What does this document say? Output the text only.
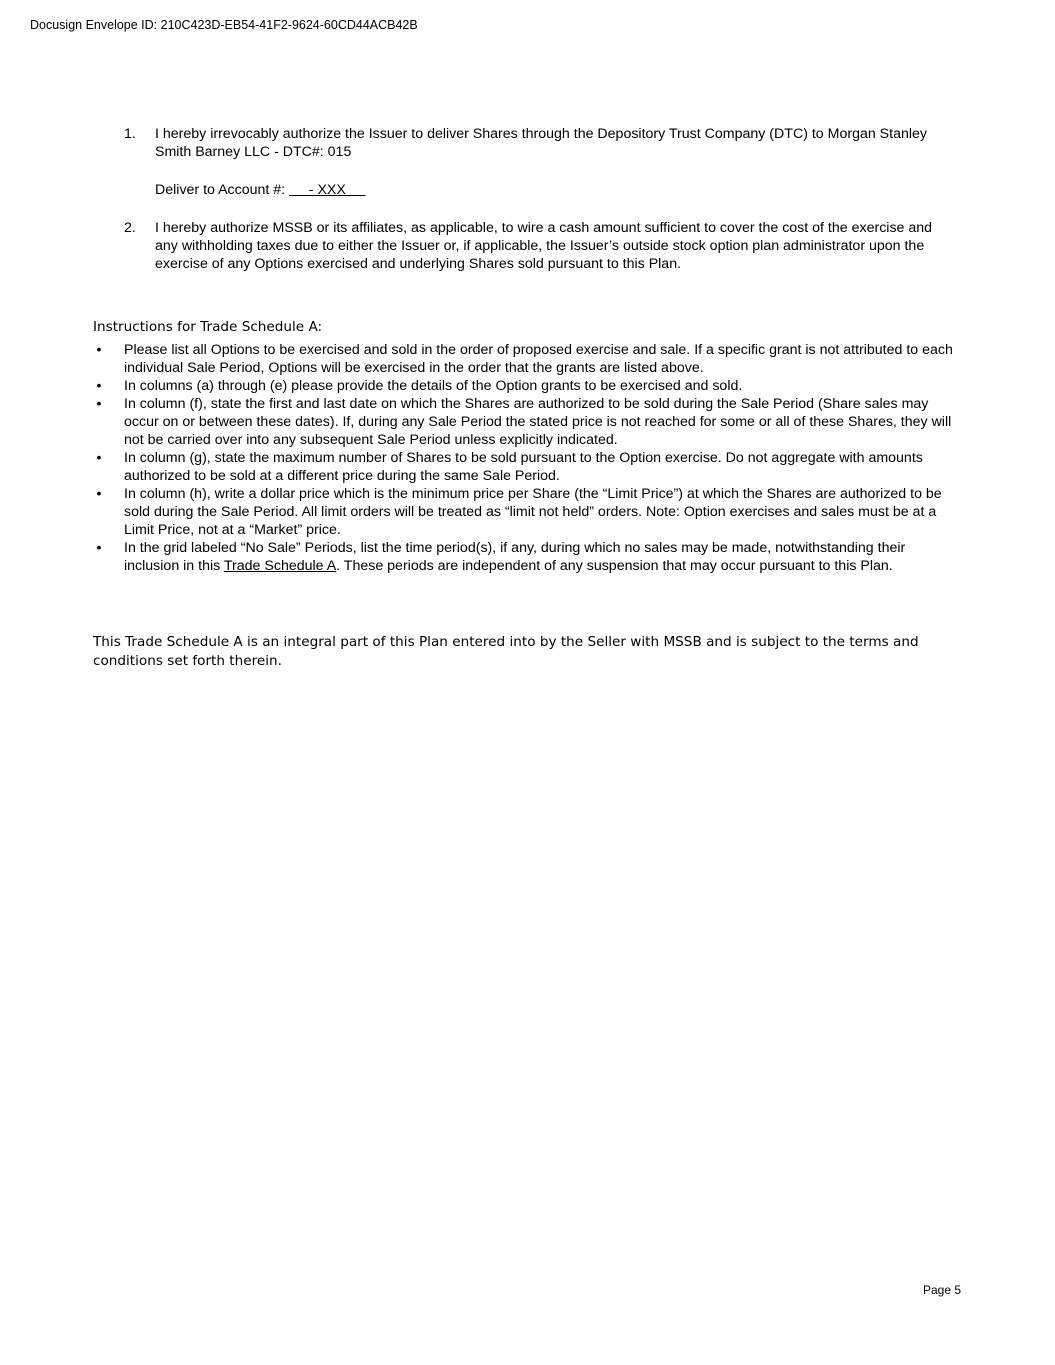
Docusign Envelope ID: 210C423D-EB54-41F2-9624-60CD44ACB42B
1. I hereby irrevocably authorize the Issuer to deliver Shares through the Depository Trust Company (DTC) to Morgan Stanley Smith Barney LLC - DTC#: 015
Deliver to Account #:      - XXX
2. I hereby authorize MSSB or its affiliates, as applicable, to wire a cash amount sufficient to cover the cost of the exercise and any withholding taxes due to either the Issuer or, if applicable, the Issuer’s outside stock option plan administrator upon the exercise of any Options exercised and underlying Shares sold pursuant to this Plan.
Instructions for Trade Schedule A:
• Please list all Options to be exercised and sold in the order of proposed exercise and sale. If a specific grant is not attributed to each individual Sale Period, Options will be exercised in the order that the grants are listed above.
• In columns (a) through (e) please provide the details of the Option grants to be exercised and sold.
• In column (f), state the first and last date on which the Shares are authorized to be sold during the Sale Period (Share sales may occur on or between these dates). If, during any Sale Period the stated price is not reached for some or all of these Shares, they will not be carried over into any subsequent Sale Period unless explicitly indicated.
• In column (g), state the maximum number of Shares to be sold pursuant to the Option exercise. Do not aggregate with amounts authorized to be sold at a different price during the same Sale Period.
• In column (h), write a dollar price which is the minimum price per Share (the “Limit Price”) at which the Shares are authorized to be sold during the Sale Period. All limit orders will be treated as “limit not held” orders. Note: Option exercises and sales must be at a Limit Price, not at a “Market” price.
• In the grid labeled “No Sale” Periods, list the time period(s), if any, during which no sales may be made, notwithstanding their inclusion in this Trade Schedule A. These periods are independent of any suspension that may occur pursuant to this Plan.
This Trade Schedule A is an integral part of this Plan entered into by the Seller with MSSB and is subject to the terms and conditions set forth therein.
Page 5
